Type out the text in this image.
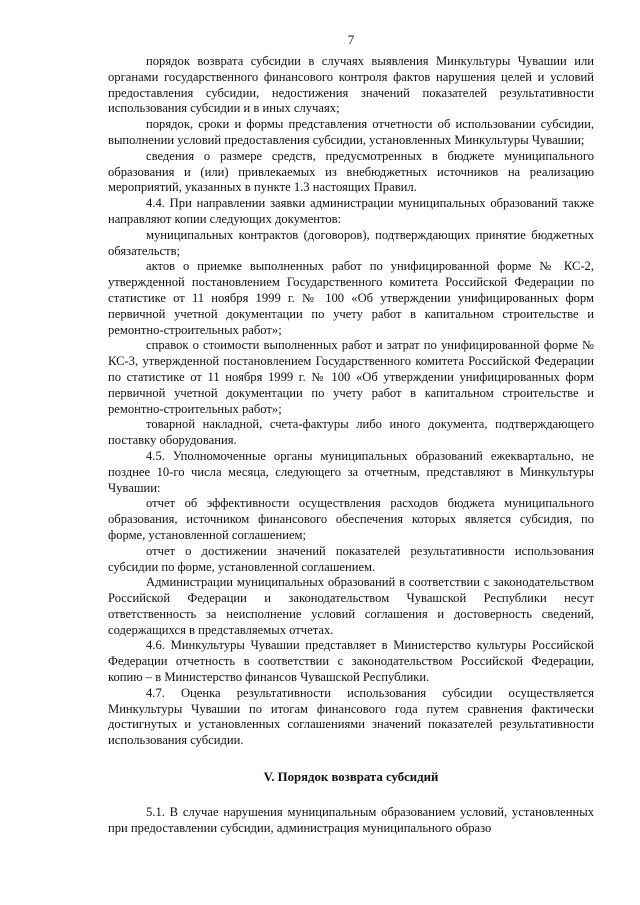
7

порядок возврата субсидии в случаях выявления Минкультуры Чувашии или органами государственного финансового контроля фактов нарушения целей и условий предоставления субсидии, недостижения значений показателей результативности использования субсидии и в иных случаях;

порядок, сроки и формы представления отчетности об использовании субсидии, выполнении условий предоставления субсидии, установленных Минкультуры Чувашии;

сведения о размере средств, предусмотренных в бюджете муниципального образования и (или) привлекаемых из внебюджетных источников на реализацию мероприятий, указанных в пункте 1.3 настоящих Правил.

4.4. При направлении заявки администрации муниципальных образований также направляют копии следующих документов:

муниципальных контрактов (договоров), подтверждающих принятие бюджетных обязательств;

актов о приемке выполненных работ по унифицированной форме № КС-2, утвержденной постановлением Государственного комитета Российской Федерации по статистике от 11 ноября 1999 г. № 100 «Об утверждении унифицированных форм первичной учетной документации по учету работ в капитальном строительстве и ремонтно-строительных работ»;

справок о стоимости выполненных работ и затрат по унифицированной форме № КС-3, утвержденной постановлением Государственного комитета Российской Федерации по статистике от 11 ноября 1999 г. № 100 «Об утверждении унифицированных форм первичной учетной документации по учету работ в капитальном строительстве и ремонтно-строительных работ»;

товарной накладной, счета-фактуры либо иного документа, подтверждающего поставку оборудования.

4.5. Уполномоченные органы муниципальных образований ежеквартально, не позднее 10-го числа месяца, следующего за отчетным, представляют в Минкультуры Чувашии:

отчет об эффективности осуществления расходов бюджета муниципального образования, источником финансового обеспечения которых является субсидия, по форме, установленной соглашением;

отчет о достижении значений показателей результативности использования субсидии по форме, установленной соглашением.

Администрации муниципальных образований в соответствии с законодательством Российской Федерации и законодательством Чувашской Республики несут ответственность за неисполнение условий соглашения и достоверность сведений, содержащихся в представляемых отчетах.

4.6. Минкультуры Чувашии представляет в Министерство культуры Российской Федерации отчетность в соответствии с законодательством Российской Федерации, копию – в Министерство финансов Чувашской Республики.

4.7. Оценка результативности использования субсидии осуществляется Минкультуры Чувашии по итогам финансового года путем сравнения фактически достигнутых и установленных соглашениями значений показателей результативности использования субсидии.

V. Порядок возврата субсидий

5.1. В случае нарушения муниципальным образованием условий, установленных при предоставлении субсидии, администрация муниципального образо
